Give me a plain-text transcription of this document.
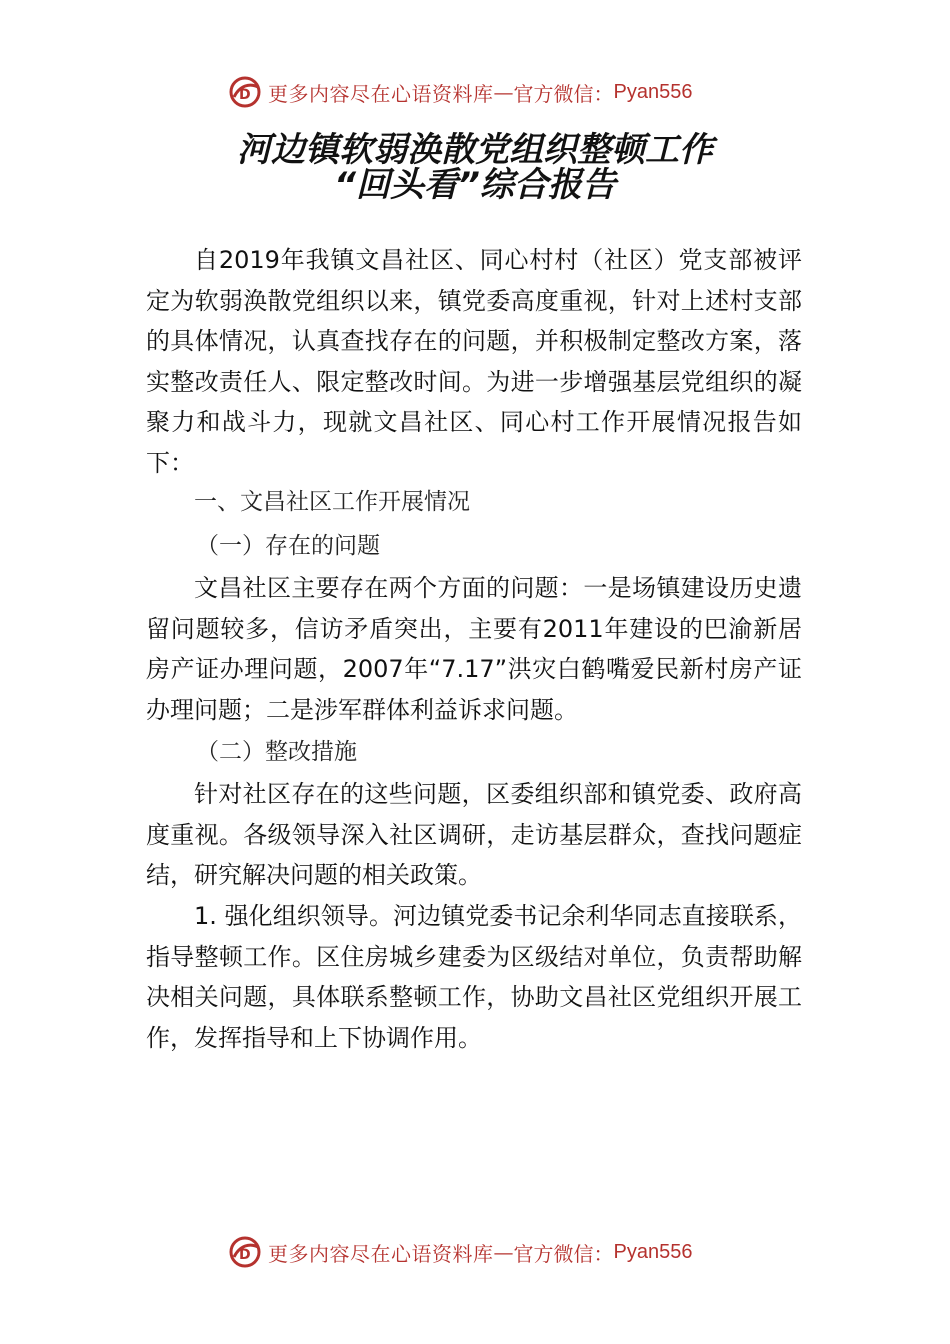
D 更多内容尽在心语资料库 — 官方微信： Pyan556
河边镇软弱涣散党组织整顿工作
“回头看”综合报告

自2019年我镇文昌社区、同心村村（社区）党支部被评定为软弱涣散党组织以来，镇党委高度重视，针对上述村支部的具体情况，认真查找存在的问题，并积极制定整改方案，落实整改责任人、限定整改时间。为进一步增强基层党组织的凝聚力和战斗力，现就文昌社区、同心村工作开展情况报告如下：

一、文昌社区工作开展情况

（一）存在的问题

文昌社区主要存在两个方面的问题：一是场镇建设历史遗留问题较多，信访矛盾突出，主要有2011年建设的巴渝新居房产证办理问题，2007年“7.17”洪灾白鹤嘴爱民新村房产证办理问题；二是涉军群体利益诉求问题。

（二）整改措施

针对社区存在的这些问题，区委组织部和镇党委、政府高度重视。各级领导深入社区调研，走访基层群众，查找问题症结，研究解决问题的相关政策。

1. 强化组织领导。河边镇党委书记余利华同志直接联系，指导整顿工作。区住房城乡建委为区级结对单位，负责帮助解决相关问题，具体联系整顿工作，协助文昌社区党组织开展工作，发挥指导和上下协调作用。

D 更多内容尽在心语资料库 — 官方微信： Pyan556
